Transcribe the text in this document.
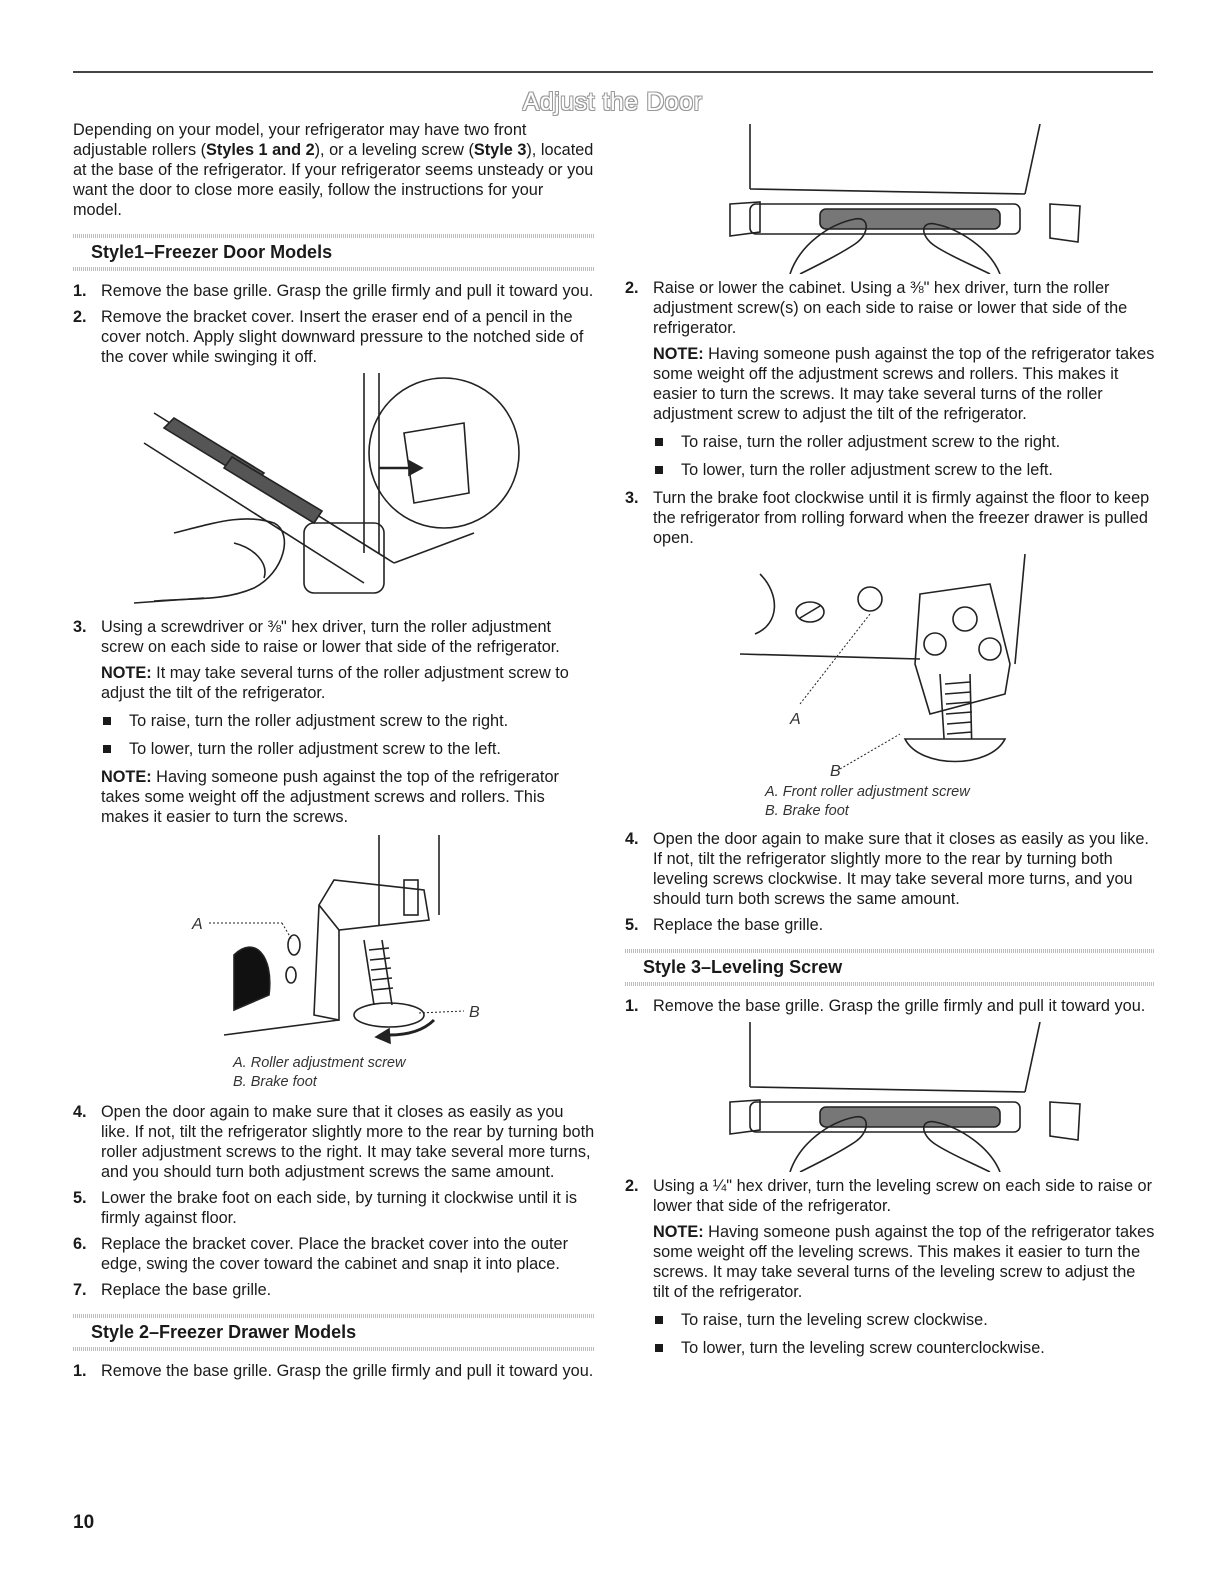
Adjust the Door

Depending on your model, your refrigerator may have two front adjustable rollers (Styles 1 and 2), or a leveling screw (Style 3), located at the base of the refrigerator. If your refrigerator seems unsteady or you want the door to close more easily, follow the instructions for your model.

Style1–Freezer Door Models
1. Remove the base grille. Grasp the grille firmly and pull it toward you.
2. Remove the bracket cover. Insert the eraser end of a pencil in the cover notch. Apply slight downward pressure to the notched side of the cover while swinging it off.
3. Using a screwdriver or ⅜" hex driver, turn the roller adjustment screw on each side to raise or lower that side of the refrigerator.

NOTE: It may take several turns of the roller adjustment screw to adjust the tilt of the refrigerator.

To raise, turn the roller adjustment screw to the right.
To lower, turn the roller adjustment screw to the left.

NOTE: Having someone push against the top of the refrigerator takes some weight off the adjustment screws and rollers. This makes it easier to turn the screws.

A
B
A. Roller adjustment screw
B. Brake foot
4. Open the door again to make sure that it closes as easily as you like. If not, tilt the refrigerator slightly more to the rear by turning both roller adjustment screws to the right. It may take several more turns, and you should turn both adjustment screws the same amount.
5. Lower the brake foot on each side, by turning it clockwise until it is firmly against floor.
6. Replace the bracket cover. Place the bracket cover into the outer edge, swing the cover toward the cabinet and snap it into place.
7. Replace the base grille.
Style 2–Freezer Drawer Models
1. Remove the base grille. Grasp the grille firmly and pull it toward you.
2. Raise or lower the cabinet. Using a ⅜" hex driver, turn the roller adjustment screw(s) on each side to raise or lower that side of the refrigerator.

NOTE: Having someone push against the top of the refrigerator takes some weight off the adjustment screws and rollers. This makes it easier to turn the screws. It may take several turns of the roller adjustment screw to adjust the tilt of the refrigerator.

To raise, turn the roller adjustment screw to the right.
To lower, turn the roller adjustment screw to the left.
3. Turn the brake foot clockwise until it is firmly against the floor to keep the refrigerator from rolling forward when the freezer drawer is pulled open.
A
B
A. Front roller adjustment screw
B. Brake foot
4. Open the door again to make sure that it closes as easily as you like. If not, tilt the refrigerator slightly more to the rear by turning both leveling screws clockwise. It may take several more turns, and you should turn both screws the same amount.
5. Replace the base grille.
Style 3–Leveling Screw
1. Remove the base grille. Grasp the grille firmly and pull it toward you.
2. Using a ¼" hex driver, turn the leveling screw on each side to raise or lower that side of the refrigerator.

NOTE: Having someone push against the top of the refrigerator takes some weight off the leveling screws. This makes it easier to turn the screws. It may take several turns of the leveling screw to adjust the tilt of the refrigerator.

To raise, turn the leveling screw clockwise.
To lower, turn the leveling screw counterclockwise.
10
